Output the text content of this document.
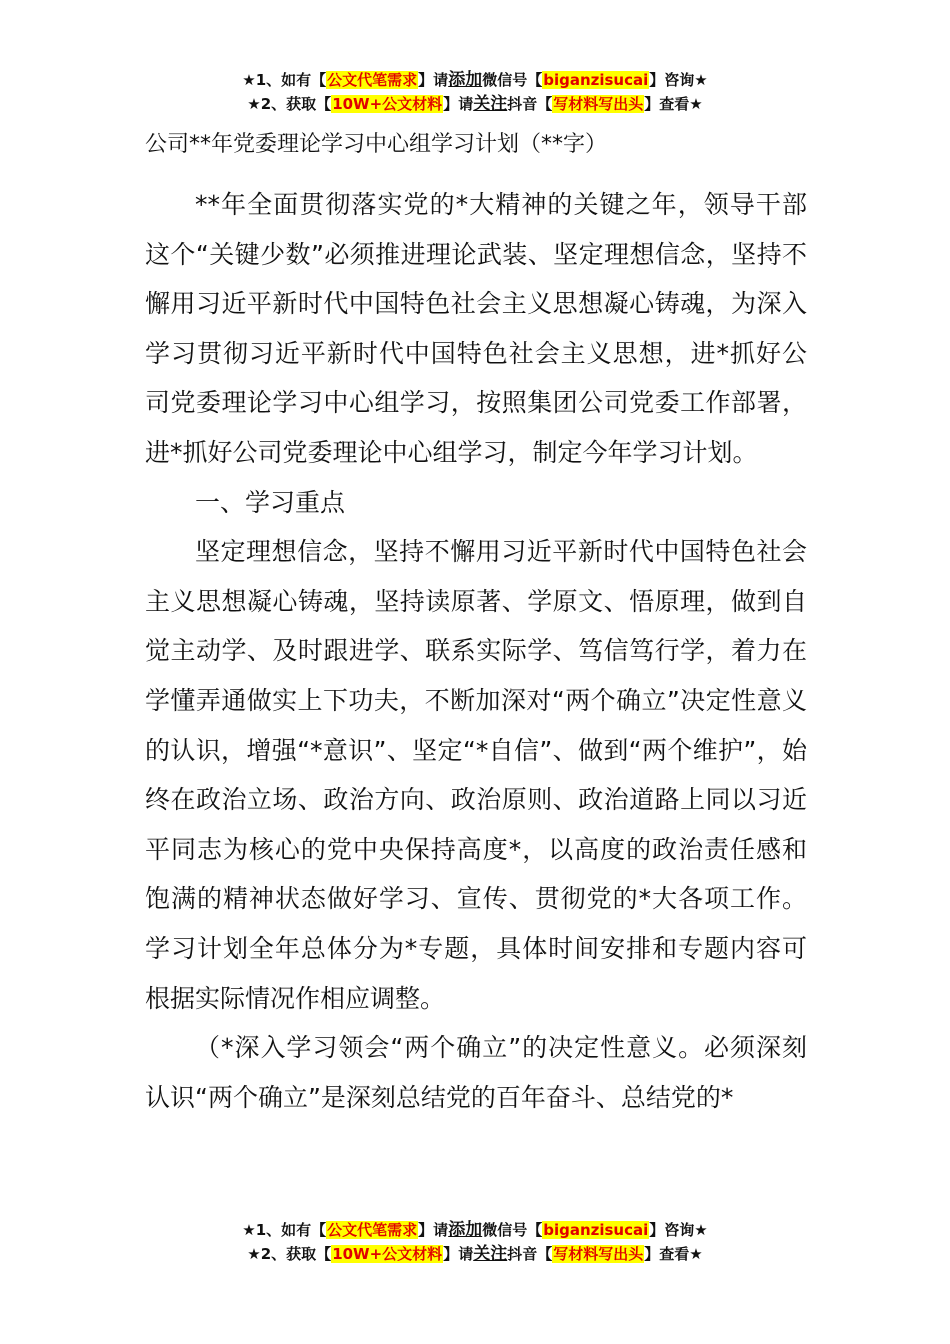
★1、如有【公文代笔需求】请添加微信号【biganzisucai】咨询★
★2、获取【10W+公文材料】请关注抖音【写材料写出头】查看★
公司**年党委理论学习中心组学习计划（**字）

**年全面贯彻落实党的*大精神的关键之年，领导干部这个“关键少数”必须推进理论武装、坚定理想信念，坚持不懈用习近平新时代中国特色社会主义思想凝心铸魂，为深入学习贯彻习近平新时代中国特色社会主义思想，进*抓好公司党委理论学习中心组学习，按照集团公司党委工作部署，进*抓好公司党委理论中心组学习，制定今年学习计划。

一、学习重点

坚定理想信念，坚持不懈用习近平新时代中国特色社会主义思想凝心铸魂，坚持读原著、学原文、悟原理，做到自觉主动学、及时跟进学、联系实际学、笃信笃行学，着力在学懂弄通做实上下功夫，不断加深对“两个确立”决定性意义的认识，增强“*意识”、坚定“*自信”、做到“两个维护”，始终在政治立场、政治方向、政治原则、政治道路上同以习近平同志为核心的党中央保持高度*，以高度的政治责任感和饱满的精神状态做好学习、宣传、贯彻党的*大各项工作。学习计划全年总体分为*专题，具体时间安排和专题内容可根据实际情况作相应调整。

（*深入学习领会“两个确立”的决定性意义。必须深刻认识“两个确立”是深刻总结党的百年奋斗、总结党的*

★1、如有【公文代笔需求】请添加微信号【biganzisucai】咨询★
★2、获取【10W+公文材料】请关注抖音【写材料写出头】查看★
